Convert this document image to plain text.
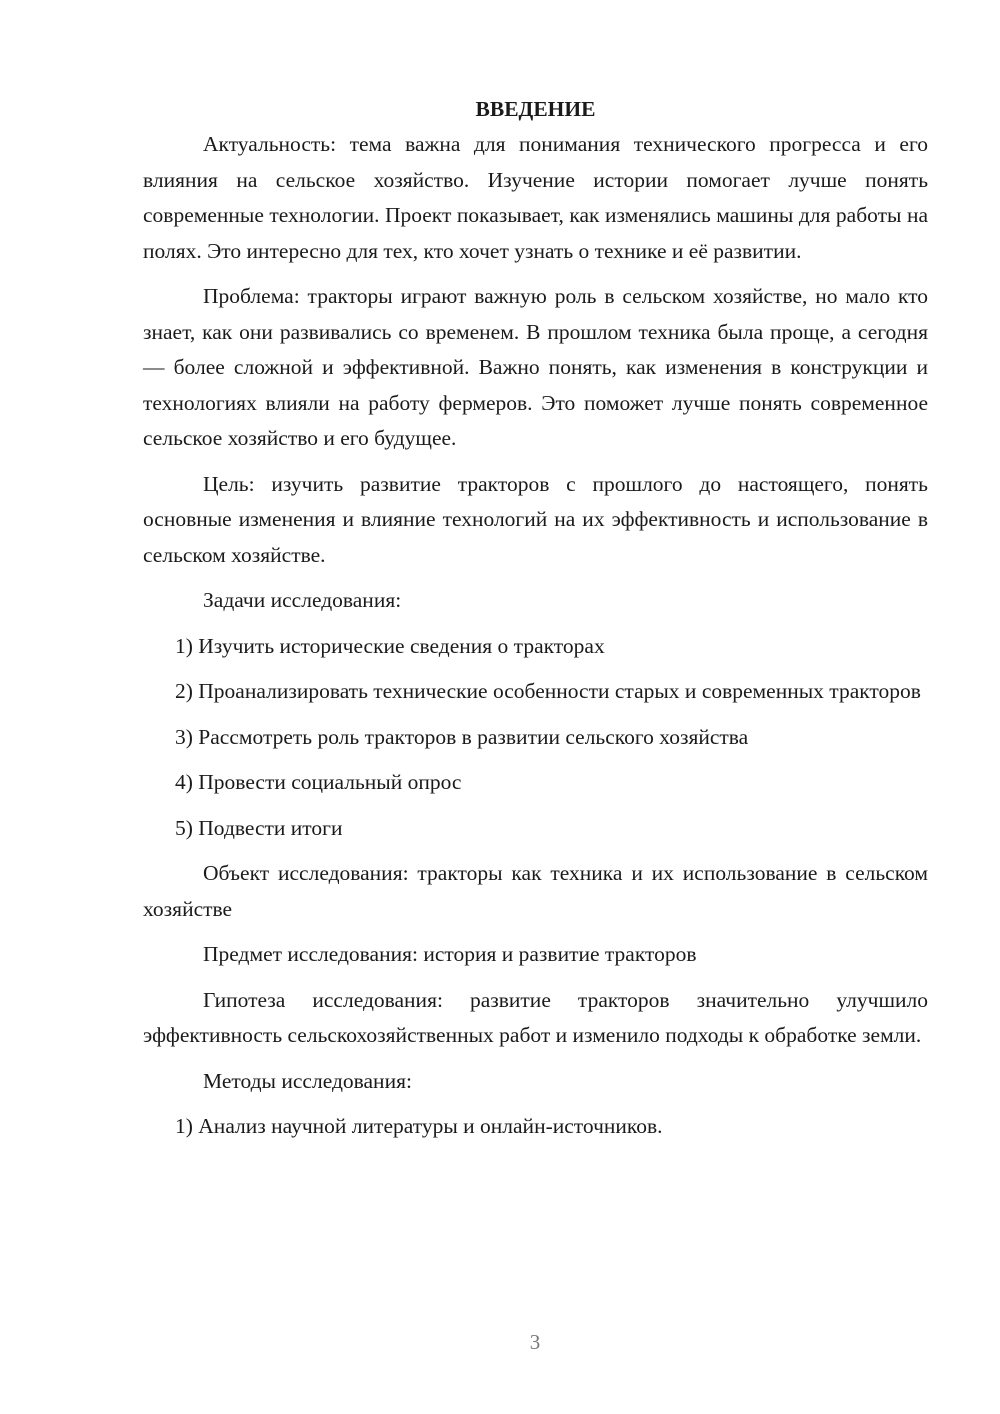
ВВЕДЕНИЕ

Актуальность: тема важна для понимания технического прогресса и его влияния на сельское хозяйство. Изучение истории помогает лучше понять современные технологии. Проект показывает, как изменялись машины для работы на полях. Это интересно для тех, кто хочет узнать о технике и её развитии.

Проблема: тракторы играют важную роль в сельском хозяйстве, но мало кто знает, как они развивались со временем. В прошлом техника была проще, а сегодня — более сложной и эффективной. Важно понять, как изменения в конструкции и технологиях влияли на работу фермеров. Это поможет лучше понять современное сельское хозяйство и его будущее.

Цель: изучить развитие тракторов с прошлого до настоящего, понять основные изменения и влияние технологий на их эффективность и использование в сельском хозяйстве.

Задачи исследования:

1) Изучить исторические сведения о тракторах

2) Проанализировать технические особенности старых и современных тракторов

3) Рассмотреть роль тракторов в развитии сельского хозяйства

4) Провести социальный опрос

5) Подвести итоги

Объект исследования: тракторы как техника и их использование в сельском хозяйстве

Предмет исследования: история и развитие тракторов

Гипотеза исследования: развитие тракторов значительно улучшило эффективность сельскохозяйственных работ и изменило подходы к обработке земли.

Методы исследования:

1) Анализ научной литературы и онлайн-источников.

3
